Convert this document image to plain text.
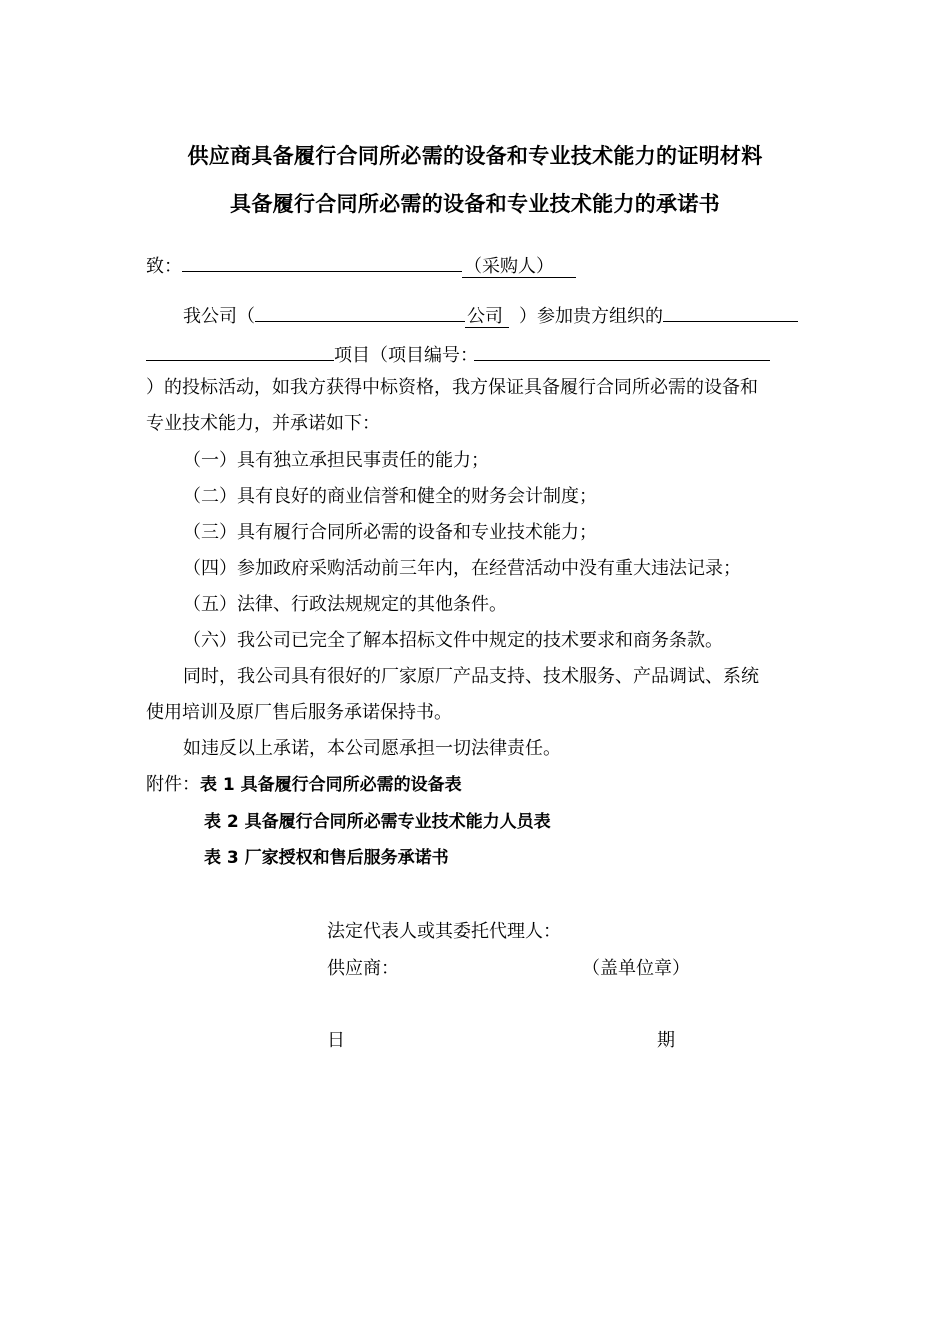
供应商具备履行合同所必需的设备和专业技术能力的证明材料
具备履行合同所必需的设备和专业技术能力的承诺书
致：	（采购人）
我公司（	公司 ）参加贵方组织的
项目（项目编号：
）的投标活动，如我方获得中标资格，我方保证具备履行合同所必需的设备和
专业技术能力，并承诺如下：
（一）具有独立承担民事责任的能力；
（二）具有良好的商业信誉和健全的财务会计制度；
（三）具有履行合同所必需的设备和专业技术能力；
（四）参加政府采购活动前三年内，在经营活动中没有重大违法记录；
（五）法律、行政法规规定的其他条件。
（六）我公司已完全了解本招标文件中规定的技术要求和商务条款。
同时，我公司具有很好的厂家原厂产品支持、技术服务、产品调试、系统
使用培训及原厂售后服务承诺保持书。
如违反以上承诺，本公司愿承担一切法律责任。
附件：表 1 具备履行合同所必需的设备表
表 2 具备履行合同所必需专业技术能力人员表
表 3 厂家授权和售后服务承诺书
法定代表人或其委托代理人：
供应商：	（盖单位章）
日	期
